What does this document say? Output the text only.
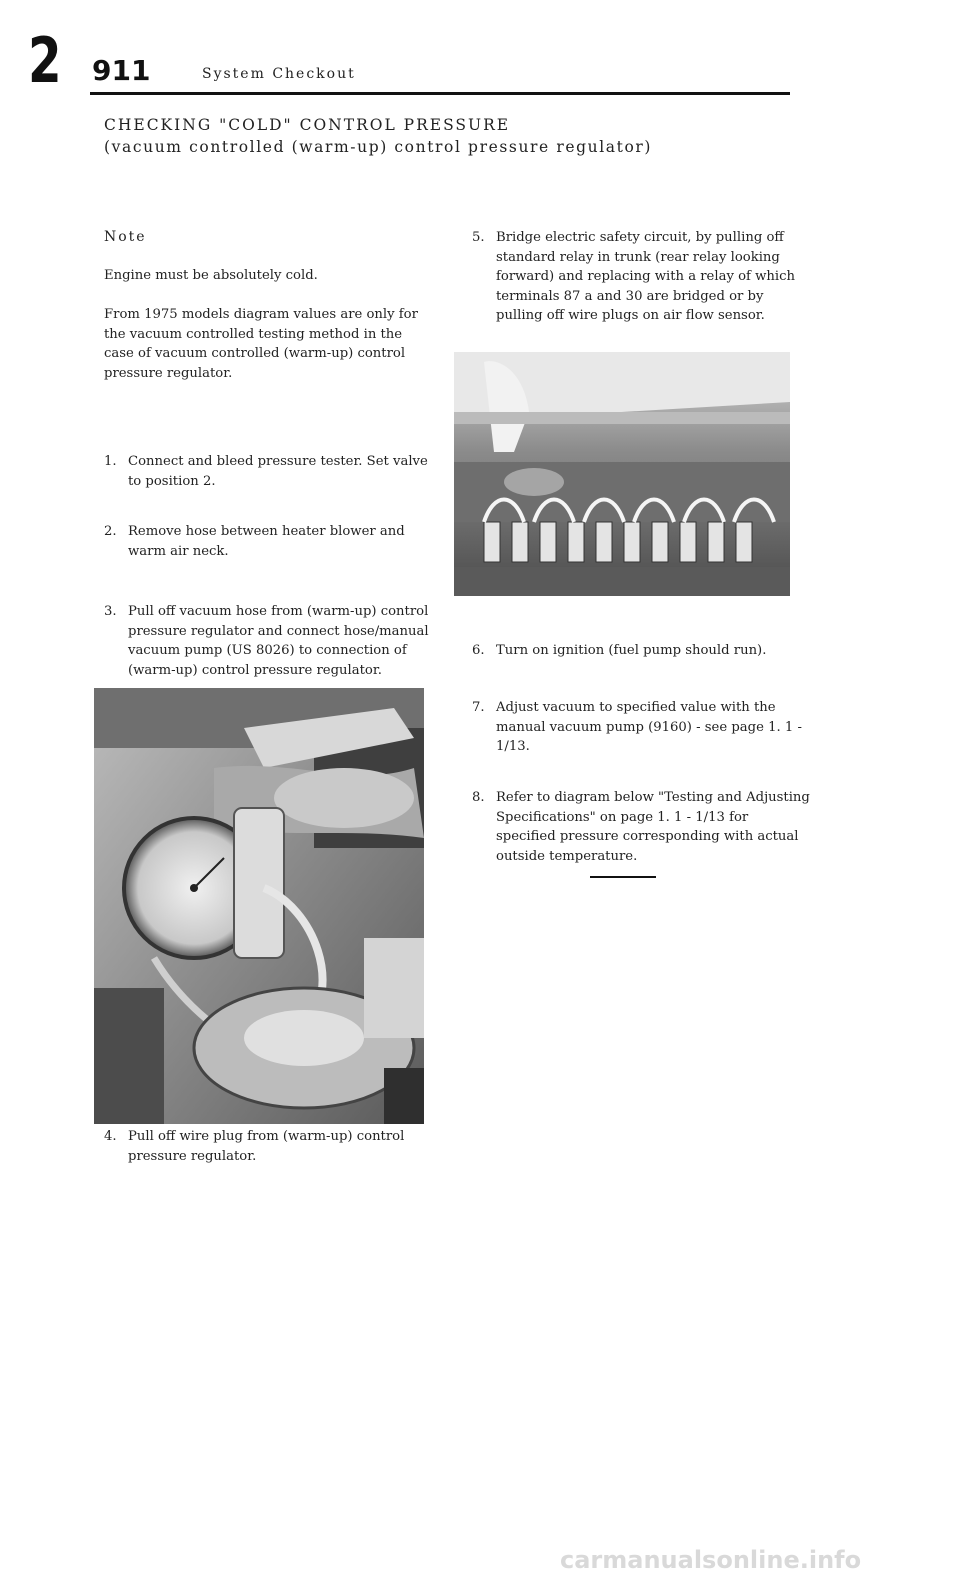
2 911	System Checkout
CHECKING "COLD" CONTROL PRESSURE
(vacuum controlled (warm-up) control pressure regulator)
Note
Engine must be absolutely cold.
From 1975 models diagram values are only for the vacuum controlled testing method in the case of vacuum controlled (warm-up) control pressure regulator.
1. Connect and bleed pressure tester. Set valve to position 2.
2. Remove hose between heater blower and warm air neck.
3. Pull off vacuum hose from (warm-up) control pressure regulator and connect hose/manual vacuum pump (US 8026) to connection of (warm-up) control pressure regulator.
4. Pull off wire plug from (warm-up) control pressure regulator.
5. Bridge electric safety circuit, by pulling off standard relay in trunk (rear relay looking forward) and replacing with a relay of which terminals 87 a and 30 are bridged or by pulling off wire plugs on air flow sensor.
6. Turn on ignition (fuel pump should run).
7. Adjust vacuum to specified value with the manual vacuum pump (9160) - see page 1. 1 - 1/13.
8. Refer to diagram below "Testing and Adjusting Specifications" on page 1. 1 - 1/13 for specified pressure corresponding with actual outside temperature.
carmanualsonline.info
